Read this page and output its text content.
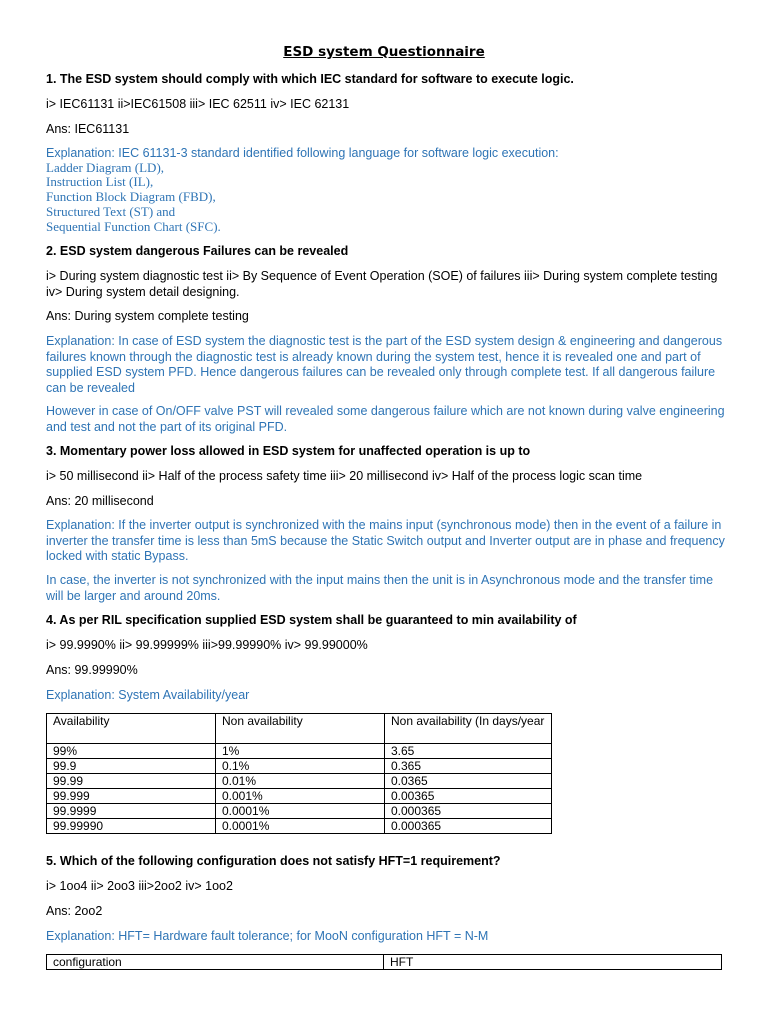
ESD system Questionnaire
1. The ESD system should comply with which IEC standard for software to execute logic.
i> IEC61131 ii>IEC61508 iii> IEC 62511 iv> IEC 62131
Ans: IEC61131
Explanation: IEC 61131-3 standard identified following language for software logic execution:
Ladder Diagram (LD),
Instruction List (IL),
Function Block Diagram (FBD),
Structured Text (ST) and
Sequential Function Chart (SFC).
2. ESD system dangerous Failures can be revealed
i> During system diagnostic test ii> By Sequence of Event Operation (SOE) of failures iii> During system complete testing iv> During system detail designing.
Ans: During system complete testing
Explanation: In case of ESD system the diagnostic test is the part of the ESD system design & engineering and dangerous failures known through the diagnostic test is already known during the system test, hence it is revealed one and part of supplied ESD system PFD. Hence dangerous failures can be revealed only through complete test. If all dangerous failure can be revealed
However in case of On/OFF valve PST will revealed some dangerous failure which are not known during valve engineering and test and not the part of its original PFD.
3. Momentary power loss allowed in ESD system for unaffected operation is up to
i> 50 millisecond ii> Half of the process safety time iii> 20 millisecond iv> Half of the process logic scan time
Ans: 20 millisecond
Explanation: If the inverter output is synchronized with the mains input (synchronous mode) then in the event of a failure in inverter the transfer time is less than 5mS because the Static Switch output and Inverter output are in phase and frequency locked with static Bypass.
In case, the inverter is not synchronized with the input mains then the unit is in Asynchronous mode and the transfer time will be larger and around 20ms.
4. As per RIL specification supplied ESD system shall be guaranteed to min availability of
i> 99.9990% ii> 99.99999% iii>99.99990% iv> 99.99000%
Ans: 99.99990%
Explanation: System Availability/year
Availability	Non availability	Non availability (In days/year
99%	1%	3.65
99.9	0.1%	0.365
99.99	0.01%	0.0365
99.999	0.001%	0.00365
99.9999	0.0001%	0.000365
99.99990	0.0001%	0.000365
5. Which of the following configuration does not satisfy HFT=1 requirement?
i> 1oo4 ii> 2oo3 iii>2oo2 iv> 1oo2
Ans: 2oo2
Explanation: HFT= Hardware fault tolerance; for MooN configuration HFT = N-M
configuration	HFT
